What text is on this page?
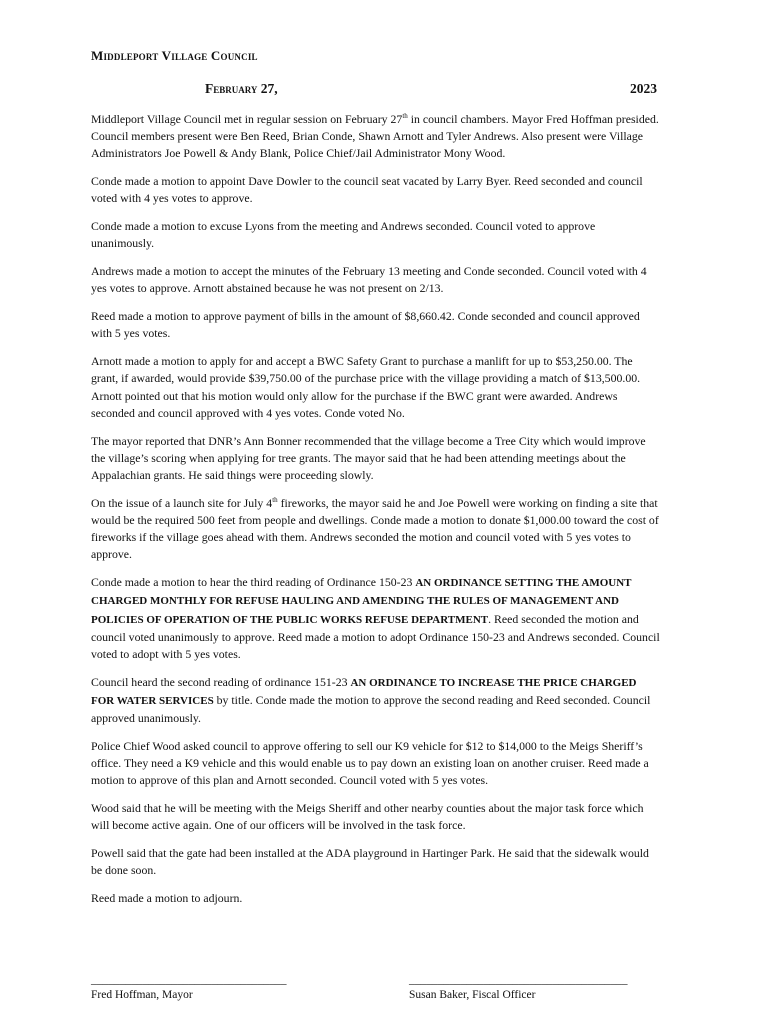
Middleport Village Council
February 27,	2023

Middleport Village Council met in regular session on February 27th in council chambers. Mayor Fred Hoffman presided. Council members present were Ben Reed, Brian Conde, Shawn Arnott and Tyler Andrews. Also present were Village Administrators Joe Powell & Andy Blank, Police Chief/Jail Administrator Mony Wood.

Conde made a motion to appoint Dave Dowler to the council seat vacated by Larry Byer. Reed seconded and council voted with 4 yes votes to approve.

Conde made a motion to excuse Lyons from the meeting and Andrews seconded. Council voted to approve unanimously.

Andrews made a motion to accept the minutes of the February 13 meeting and Conde seconded. Council voted with 4 yes votes to approve. Arnott abstained because he was not present on 2/13.

Reed made a motion to approve payment of bills in the amount of $8,660.42. Conde seconded and council approved with 5 yes votes.

Arnott made a motion to apply for and accept a BWC Safety Grant to purchase a manlift for up to $53,250.00. The grant, if awarded, would provide $39,750.00 of the purchase price with the village providing a match of $13,500.00. Arnott pointed out that his motion would only allow for the purchase if the BWC grant were awarded. Andrews seconded and council approved with 4 yes votes. Conde voted No.

The mayor reported that DNR’s Ann Bonner recommended that the village become a Tree City which would improve the village’s scoring when applying for tree grants. The mayor said that he had been attending meetings about the Appalachian grants. He said things were proceeding slowly.

On the issue of a launch site for July 4th fireworks, the mayor said he and Joe Powell were working on finding a site that would be the required 500 feet from people and dwellings. Conde made a motion to donate $1,000.00 toward the cost of fireworks if the village goes ahead with them. Andrews seconded the motion and council voted with 5 yes votes to approve.

Conde made a motion to hear the third reading of Ordinance 150-23 AN ORDINANCE SETTING THE AMOUNT CHARGED MONTHLY FOR REFUSE HAULING AND AMENDING THE RULES OF MANAGEMENT AND POLICIES OF OPERATION OF THE PUBLIC WORKS REFUSE DEPARTMENT. Reed seconded the motion and council voted unanimously to approve. Reed made a motion to adopt Ordinance 150-23 and Andrews seconded. Council voted to adopt with 5 yes votes.

Council heard the second reading of ordinance 151-23 AN ORDINANCE TO INCREASE THE PRICE CHARGED FOR WATER SERVICES by title. Conde made the motion to approve the second reading and Reed seconded. Council approved unanimously.

Police Chief Wood asked council to approve offering to sell our K9 vehicle for $12 to $14,000 to the Meigs Sheriff’s office. They need a K9 vehicle and this would enable us to pay down an existing loan on another cruiser. Reed made a motion to approve of this plan and Arnott seconded. Council voted with 5 yes votes.

Wood said that he will be meeting with the Meigs Sheriff and other nearby counties about the major task force which will become active again. One of our officers will be involved in the task force.

Powell said that the gate had been installed at the ADA playground in Hartinger Park. He said that the sidewalk would be done soon.

Reed made a motion to adjourn.

__________________________________
Fred Hoffman, Mayor
______________________________________
Susan Baker, Fiscal Officer
